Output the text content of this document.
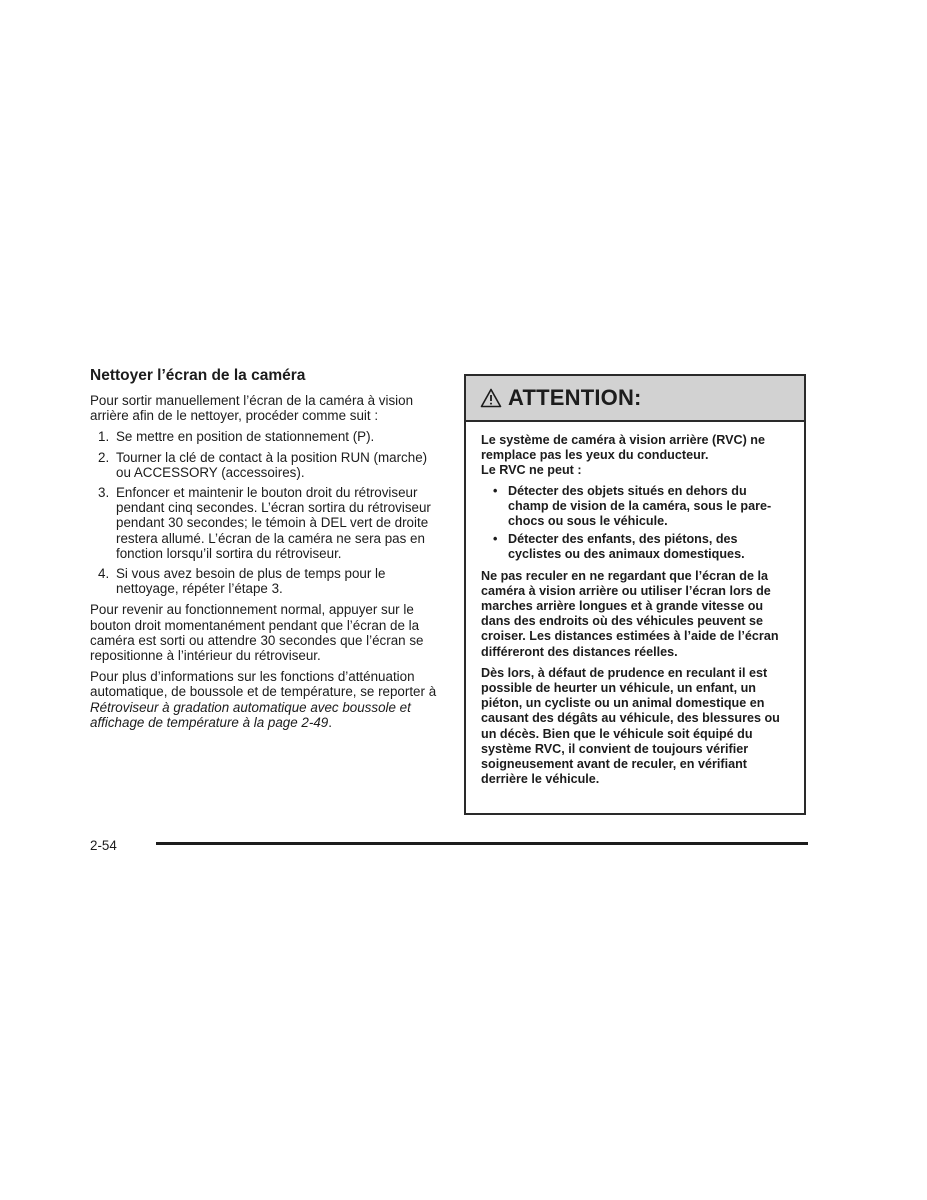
Nettoyer l’écran de la caméra

Pour sortir manuellement l’écran de la caméra à vision arrière afin de le nettoyer, procéder comme suit :

1. Se mettre en position de stationnement (P).
2. Tourner la clé de contact à la position RUN (marche) ou ACCESSORY (accessoires).
3. Enfoncer et maintenir le bouton droit du rétroviseur pendant cinq secondes. L’écran sortira du rétroviseur pendant 30 secondes; le témoin à DEL vert de droite restera allumé. L’écran de la caméra ne sera pas en fonction lorsqu’il sortira du rétroviseur.
4. Si vous avez besoin de plus de temps pour le nettoyage, répéter l’étape 3.

Pour revenir au fonctionnement normal, appuyer sur le bouton droit momentanément pendant que l’écran de la caméra est sorti ou attendre 30 secondes que l’écran se repositionne à l’intérieur du rétroviseur.

Pour plus d’informations sur les fonctions d’atténuation automatique, de boussole et de température, se reporter à Rétroviseur à gradation automatique avec boussole et affichage de température à la page 2-49.

ATTENTION:

Le système de caméra à vision arrière (RVC) ne remplace pas les yeux du conducteur.

Le RVC ne peut :

• Détecter des objets situés en dehors du champ de vision de la caméra, sous le pare-chocs ou sous le véhicule.
• Détecter des enfants, des piétons, des cyclistes ou des animaux domestiques.

Ne pas reculer en ne regardant que l’écran de la caméra à vision arrière ou utiliser l’écran lors de marches arrière longues et à grande vitesse ou dans des endroits où des véhicules peuvent se croiser. Les distances estimées à l’aide de l’écran différeront des distances réelles.

Dès lors, à défaut de prudence en reculant il est possible de heurter un véhicule, un enfant, un piéton, un cycliste ou un animal domestique en causant des dégâts au véhicule, des blessures ou un décès. Bien que le véhicule soit équipé du système RVC, il convient de toujours vérifier soigneusement avant de reculer, en vérifiant derrière le véhicule.

2-54
